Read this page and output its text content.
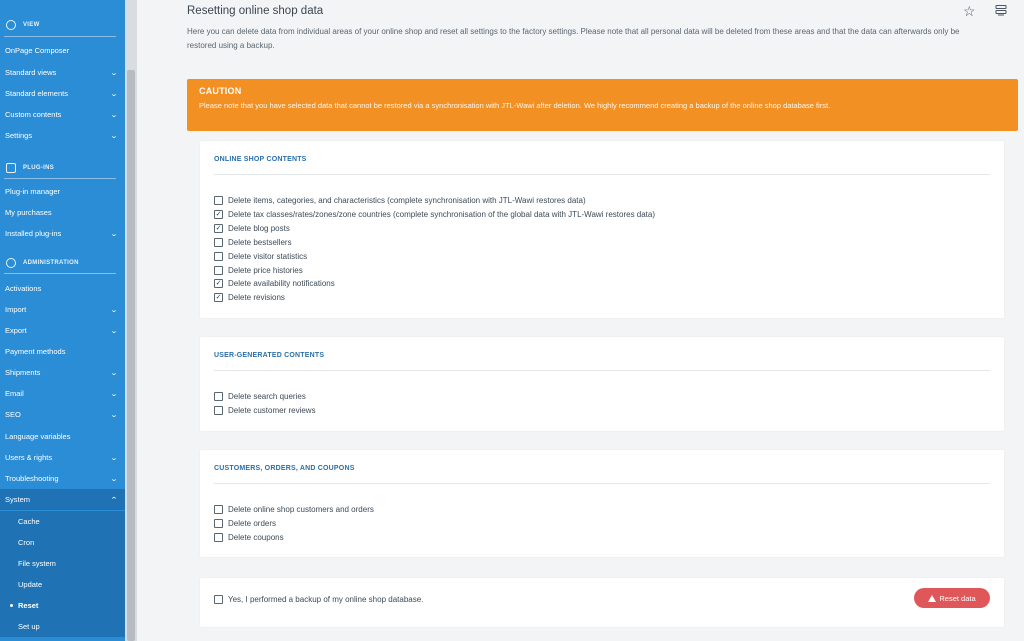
VIEW
OnPage Composer
Standard views	⌄
Standard elements	⌄
Custom contents	⌄
Settings	⌄
PLUG-INS
Plug-in manager
My purchases
Installed plug-ins	⌄
ADMINISTRATION
Activations
Import	⌄
Export	⌄
Payment methods
Shipments	⌄
Email	⌄
SEO	⌄
Language variables
Users & rights	⌄
Troubleshooting	⌄
System	⌃
Cache
Cron
File system
Update
Reset
Set up
Resetting online shop data
Here you can delete data from individual areas of your online shop and reset all settings to the factory settings. Please note that all personal data will be deleted from these areas and that the data can afterwards only be restored using a backup.
☆
CAUTION
Please note that you have selected data that cannot be restored via a synchronisation with JTL-Wawi after deletion. We highly recommend creating a backup of the online shop database first.
ONLINE SHOP CONTENTS
Delete items, categories, and characteristics (complete synchronisation with JTL-Wawi restores data)
✓ Delete tax classes/rates/zones/zone countries (complete synchronisation of the global data with JTL-Wawi restores data)
✓ Delete blog posts
Delete bestsellers
Delete visitor statistics
Delete price histories
✓ Delete availability notifications
✓ Delete revisions
USER-GENERATED CONTENTS
Delete search queries
Delete customer reviews
CUSTOMERS, ORDERS, AND COUPONS
Delete online shop customers and orders
Delete orders
Delete coupons
Yes, I performed a backup of my online shop database.	Reset data
